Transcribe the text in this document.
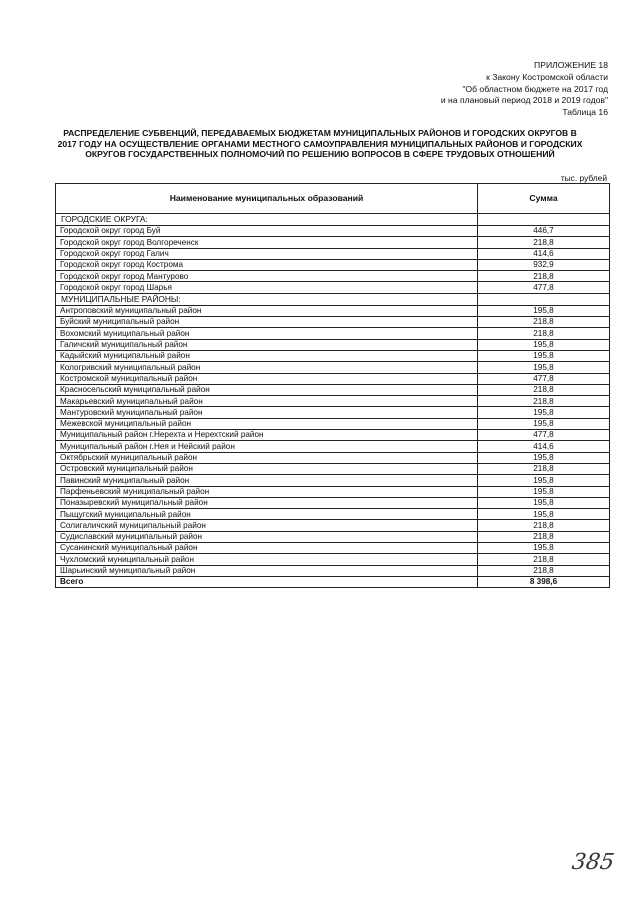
ПРИЛОЖЕНИЕ 18
к Закону Костромской области
"Об областном бюджете на 2017 год
и на плановый период 2018 и 2019 годов"
Таблица 16
РАСПРЕДЕЛЕНИЕ СУБВЕНЦИЙ, ПЕРЕДАВАЕМЫХ БЮДЖЕТАМ МУНИЦИПАЛЬНЫХ РАЙОНОВ И ГОРОДСКИХ ОКРУГОВ В 2017 ГОДУ НА ОСУЩЕСТВЛЕНИЕ ОРГАНАМИ МЕСТНОГО САМОУПРАВЛЕНИЯ МУНИЦИПАЛЬНЫХ РАЙОНОВ И ГОРОДСКИХ ОКРУГОВ ГОСУДАРСТВЕННЫХ ПОЛНОМОЧИЙ ПО РЕШЕНИЮ ВОПРОСОВ В СФЕРЕ ТРУДОВЫХ ОТНОШЕНИЙ
тыс. рублей
Наименование муниципальных образований	Сумма
ГОРОДСКИЕ ОКРУГА:	
Городской округ город Буй	446,7
Городской округ город Волгореченск	218,8
Городской округ город Галич	414,6
Городской округ город Кострома	932,9
Городской округ город Мантурово	218,8
Городской округ город Шарья	477,8
МУНИЦИПАЛЬНЫЕ РАЙОНЫ:	
Антроповский муниципальный район	195,8
Буйский муниципальный район	218,8
Вохомский муниципальный район	218,8
Галичский муниципальный район	195,8
Кадыйский муниципальный район	195,8
Кологривский муниципальный район	195,8
Костромской муниципальный район	477,8
Красносельский муниципальный район	218,8
Макарьевский муниципальный район	218,8
Мантуровский муниципальный район	195,8
Межевской муниципальный район	195,8
Муниципальный район г.Нерехта и Нерехтский район	477,8
Муниципальный район г.Нея и Нейский район	414,6
Октябрьский муниципальный район	195,8
Островский муниципальный район	218,8
Павинский муниципальный район	195,8
Парфеньевский муниципальный район	195,8
Поназыревский муниципальный район	195,8
Пыщугский муниципальный район	195,8
Солигаличский муниципальный район	218,8
Судиславский муниципальный район	218,8
Сусанинский муниципальный район	195,8
Чухломский муниципальный район	218,8
Шарьинский муниципальный район	218,8
Всего	8 398,6
385
